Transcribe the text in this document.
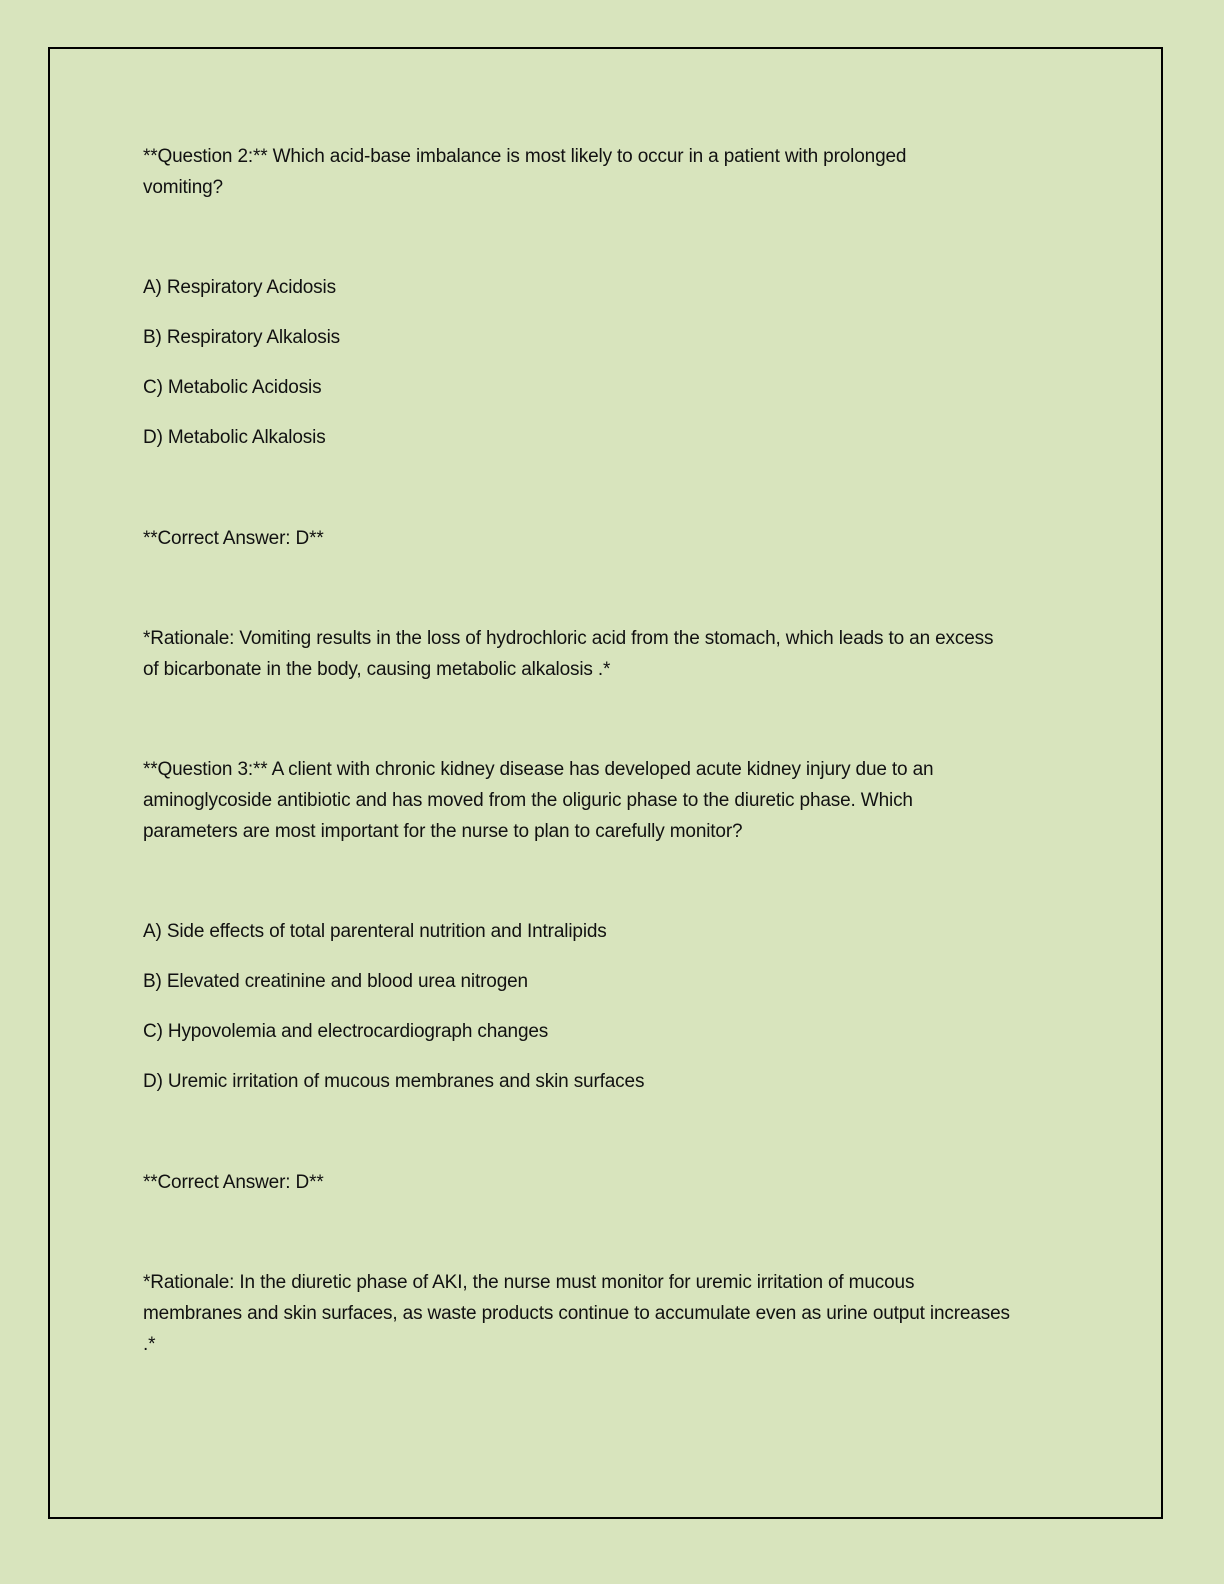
**Question 2:** Which acid-base imbalance is most likely to occur in a patient with prolonged
vomiting?

A) Respiratory Acidosis
B) Respiratory Alkalosis
C) Metabolic Acidosis
D) Metabolic Alkalosis

**Correct Answer: D**

*Rationale: Vomiting results in the loss of hydrochloric acid from the stomach, which leads to an excess
of bicarbonate in the body, causing metabolic alkalosis .*

**Question 3:** A client with chronic kidney disease has developed acute kidney injury due to an
aminoglycoside antibiotic and has moved from the oliguric phase to the diuretic phase. Which
parameters are most important for the nurse to plan to carefully monitor?

A) Side effects of total parenteral nutrition and Intralipids
B) Elevated creatinine and blood urea nitrogen
C) Hypovolemia and electrocardiograph changes
D) Uremic irritation of mucous membranes and skin surfaces

**Correct Answer: D**

*Rationale: In the diuretic phase of AKI, the nurse must monitor for uremic irritation of mucous
membranes and skin surfaces, as waste products continue to accumulate even as urine output increases
.*
